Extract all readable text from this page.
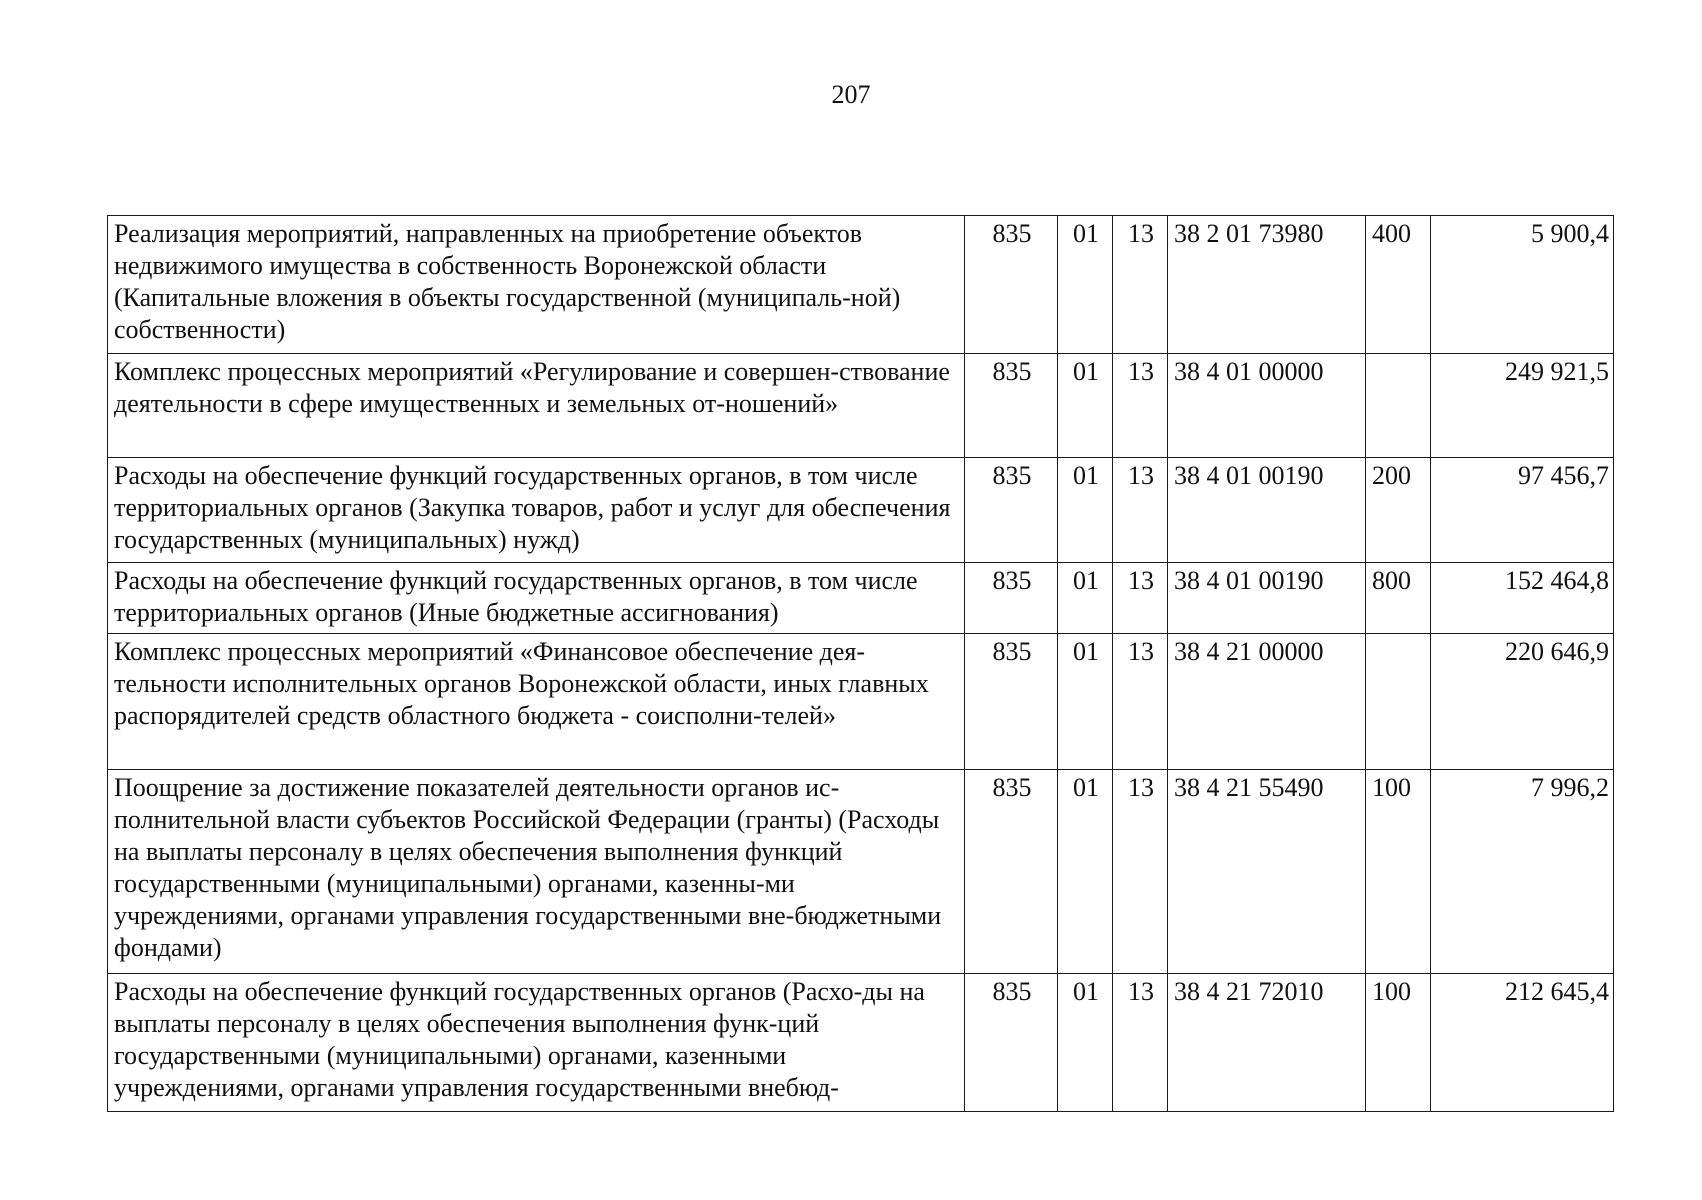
207
Реализация мероприятий, направленных на приобретение объектов недвижимого имущества в собственность Воронежской области (Капитальные вложения в объекты государственной (муниципаль-ной) собственности)	835	01	13	38 2 01 73980	400	5 900,4
Комплекс процессных мероприятий «Регулирование и совершен-ствование деятельности в сфере имущественных и земельных от-ношений»	835	01	13	38 4 01 00000		249 921,5
Расходы на обеспечение функций государственных органов, в том числе территориальных органов (Закупка товаров, работ и услуг для обеспечения государственных (муниципальных) нужд)	835	01	13	38 4 01 00190	200	97 456,7
Расходы на обеспечение функций государственных органов, в том числе территориальных органов (Иные бюджетные ассигнования)	835	01	13	38 4 01 00190	800	152 464,8
Комплекс процессных мероприятий «Финансовое обеспечение дея-тельности исполнительных органов Воронежской области, иных главных распорядителей средств областного бюджета - соисполни-телей»	835	01	13	38 4 21 00000		220 646,9
Поощрение за достижение показателей деятельности органов ис-полнительной власти субъектов Российской Федерации (гранты) (Расходы на выплаты персоналу в целях обеспечения выполнения функций государственными (муниципальными) органами, казенны-ми учреждениями, органами управления государственными вне-бюджетными фондами)	835	01	13	38 4 21 55490	100	7 996,2
Расходы на обеспечение функций государственных органов (Расхо-ды на выплаты персоналу в целях обеспечения выполнения функ-ций государственными (муниципальными) органами, казенными учреждениями, органами управления государственными внебюд-	835	01	13	38 4 21 72010	100	212 645,4
